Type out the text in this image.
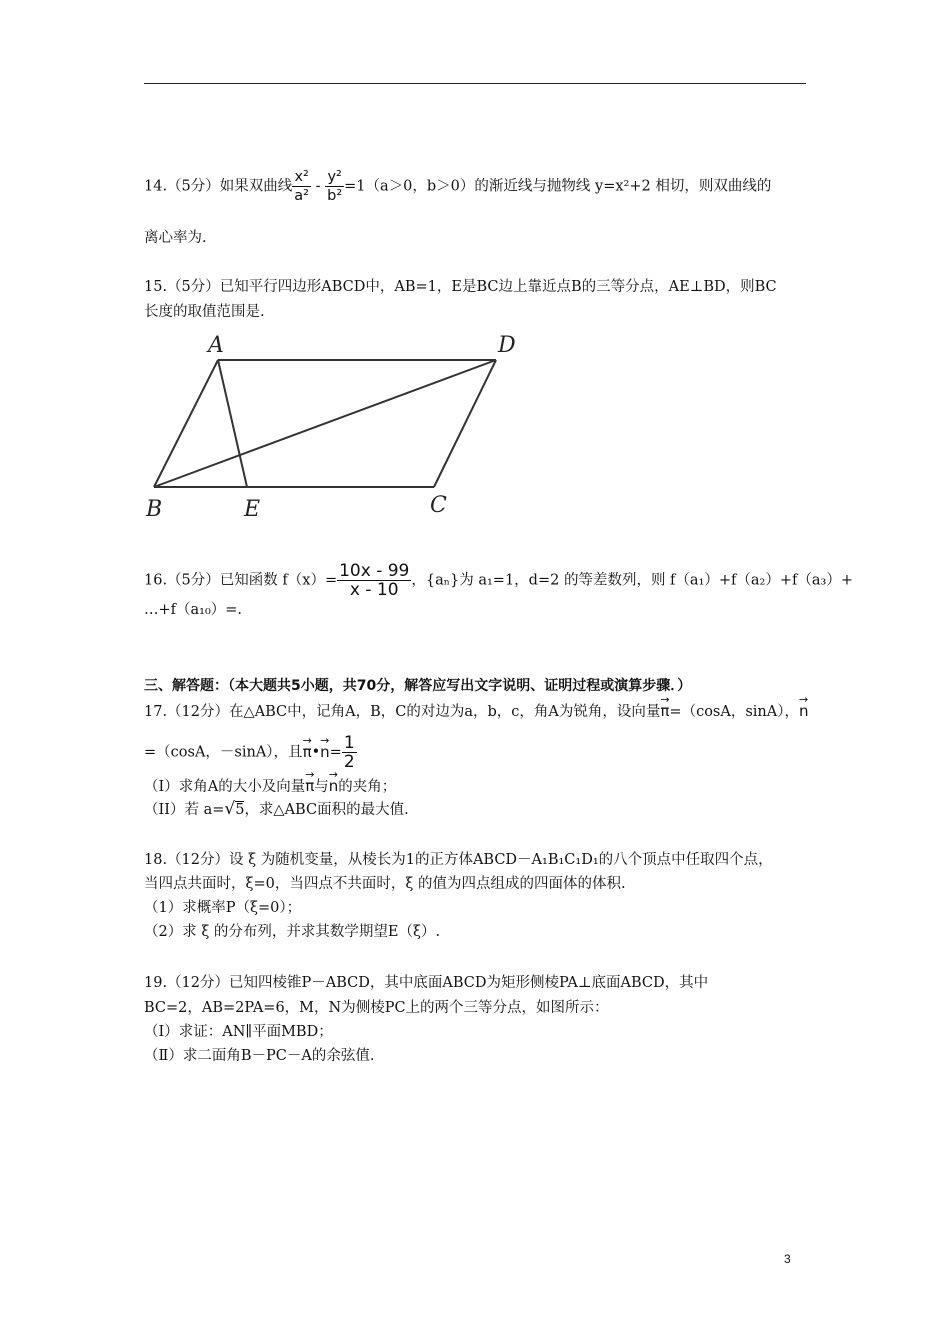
14.（5分）如果双曲线 $\frac{\text{x²}}{\text{a²}} - \frac{\text{y²}}{\text{b²}} =1(a>0$，b＞0）的渐近线与抛物线 y=x²+2 相切，则双曲线的
离心率为.
15.（5分）已知平行四边形ABCD中，AB=1，E是BC边上靠近点B的三等分点，AE⊥BD，则BC
长度的取值范围是.
A	D
B	E	C
16.（5分）已知函数 $f(x)= \frac{10x - 99}{x - 10}$ ，{aₙ}为 a₁=1，d=2 的等差数列，则 f（a₁）+f（a₂）+f（a₃）+
…+f（a₁₀）=.
三、解答题：（本大题共5小题，共70分，解答应写出文字说明、证明过程或演算步骤．）
17.（12分）在△ABC中，记角A，B，C的对边为a，b，c，角A为锐角，设向量→ π=（cosA，sinA），→ n
=（cosA，－sinA），且→ π•→ $n= \frac{1}{2}$
（I）求角A的大小及向量→ π与→ n的夹角；
（II）若 a=√5，求△ABC面积的最大值.
18.（12分）设 ξ 为随机变量，从棱长为1的正方体ABCD－A₁B₁C₁D₁的八个顶点中任取四个点，
当四点共面时，ξ=0，当四点不共面时，ξ 的值为四点组成的四面体的体积.
（1）求概率P（ξ=0）；
（2）求 ξ 的分布列，并求其数学期望E（ξ）.
19.（12分）已知四棱锥P－ABCD，其中底面ABCD为矩形侧棱PA⊥底面ABCD，其中
BC=2，AB=2PA=6，M，N为侧棱PC上的两个三等分点，如图所示：
（Ⅰ）求证：AN∥平面MBD；
（Ⅱ）求二面角B－PC－A的余弦值.
3
